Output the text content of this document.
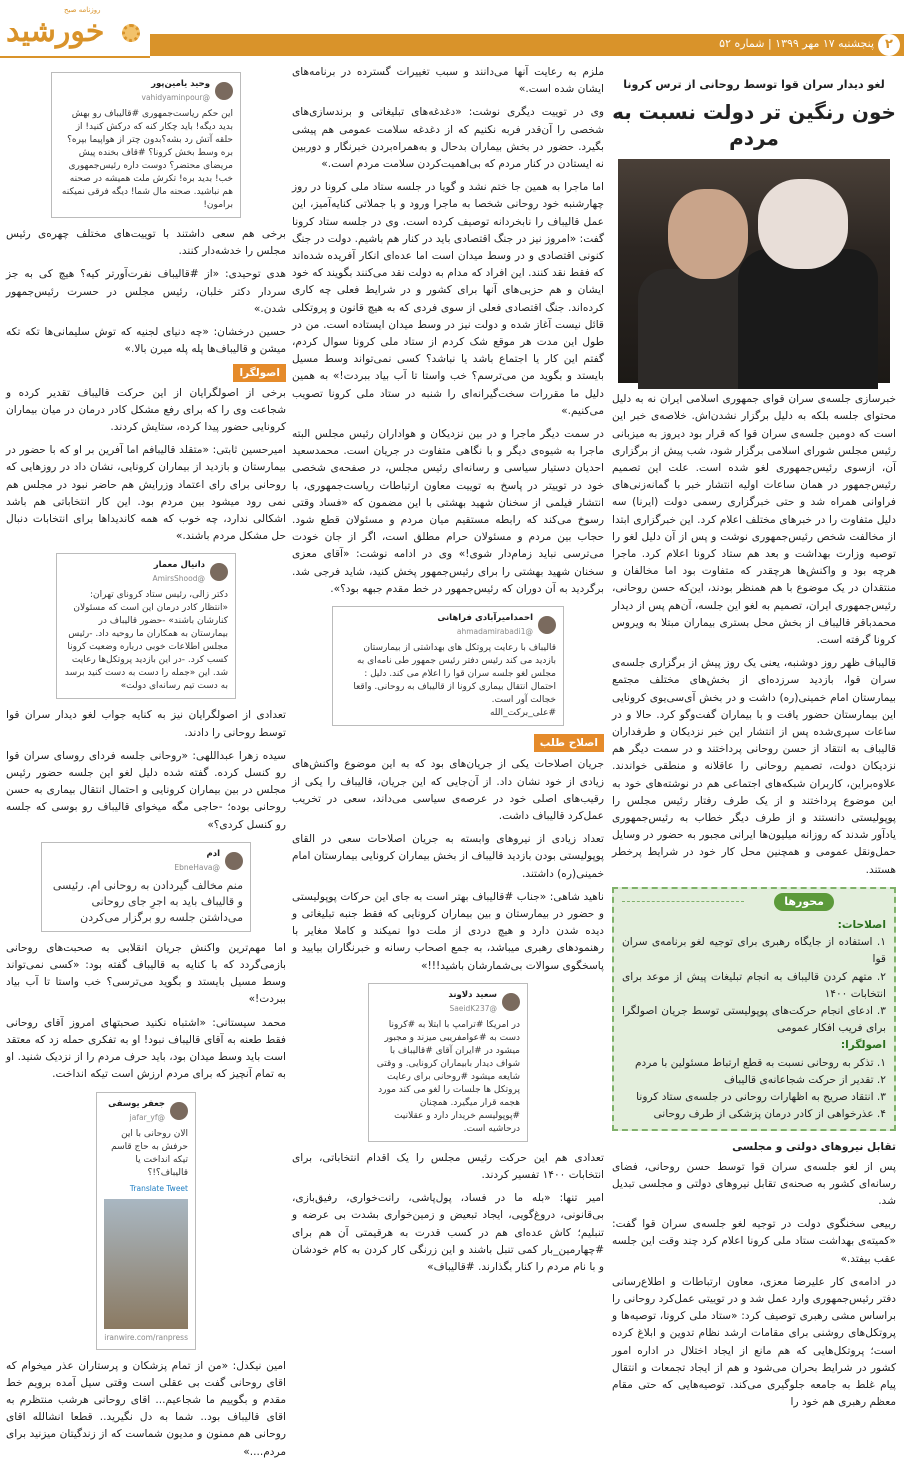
روزنامه صبح
خورشید	پنجشنبه ۱۷ مهر ۱۳۹۹ | شماره ۵۲ ۲
لغو دیدار سران قوا توسط روحانی از ترس کرونا
خون رنگین تر دولت نسبت به مردم

خبرسازی جلسه‌ی سران قوای جمهوری اسلامی ایران نه به دلیل محتوای جلسه بلکه به دلیل برگزار نشدن‌اش. خلاصه‌ی خبر این است که دومین جلسه‌ی سران قوا که قرار بود دیروز به میزبانی رئیس مجلس شورای اسلامی برگزار شود، شب پیش از برگزاری آن، ازسوی رئیس‌جمهوری لغو شده است. علت این تصمیم رئیس‌جمهور در همان ساعات اولیه انتشار خبر با گمانه‌زنی‌های فراوانی همراه شد و حتی خبرگزاری رسمی دولت (ایرنا) سه دلیل متفاوت را در خبرهای مختلف اعلام کرد. این خبرگزاری ابتدا از مخالفت شخص رئیس‌جمهوری نوشت و پس از آن دلیل لغو را توصیه وزارت بهداشت و بعد هم ستاد کرونا اعلام کرد. ماجرا هرچه بود و واکنش‌ها هرچقدر که متفاوت بود اما مخالفان و منتقدان در یک موضوع با هم همنظر بودند، این‌که حسن روحانی، رئیس‌جمهوری ایران، تصمیم به لغو این جلسه، آن‌هم پس از دیدار محمدباقر قالیباف از بخش محل بستری بیماران مبتلا به ویروس کرونا گرفته است.

قالیباف ظهر روز دوشنبه، یعنی یک روز پیش از برگزاری جلسه‌ی سران قوا، بازدید سرزده‌ای از بخش‌های مختلف مجتمع بیمارستان امام خمینی(ره) داشت و در بخش آی‌سی‌یوی کرونایی این بیمارستان حضور یافت و با بیماران گفت‌وگو کرد. حالا و در ساعات سپری‌شده پس از انتشار این خبر نزدیکان و طرفداران قالیباف به انتقاد از حسن روحانی پرداختند و در سمت دیگر هم نزدیکان دولت، تصمیم روحانی را عاقلانه و منطقی خواندند. علاوه‌براین، کاربران شبکه‌های اجتماعی هم در نوشته‌های خود به این موضوع پرداختند و از یک طرف رفتار رئیس مجلس را پوپولیستی دانستند و از طرف دیگر خطاب به رئیس‌جمهوری یادآور شدند که روزانه میلیون‌ها ایرانی مجبور به حضور در وسایل حمل‌ونقل عمومی و همچنین محل کار خود در شرایط پرخطر هستند.

محورها
اصلاحات:
۱. استفاده از جایگاه رهبری برای توجیه لغو برنامه‌ی سران قوا
۲. متهم کردن قالیباف به انجام تبلیغات پیش از موعد برای انتخابات ۱۴۰۰
۳. ادعای انجام حرکت‌های پوپولیستی توسط جریان اصولگرا برای فریب افکار عمومی
اصولگرا:
۱. تذکر به روحانی نسبت به قطع ارتباط مسئولین با مردم
۲. تقدیر از حرکت شجاعانه‌ی قالیباف
۳. انتقاد صریح به اظهارات روحانی در جلسه‌ی ستاد کرونا
۴. عذرخواهی از کادر درمان پزشکی از طرف روحانی
تقابل نیروهای دولتی و مجلسی

پس از لغو جلسه‌ی سران قوا توسط حسن روحانی، فضای رسانه‌ای کشور به صحنه‌ی تقابل نیروهای دولتی و مجلسی تبدیل شد.

ربیعی سخنگوی دولت در توجیه لغو جلسه‌ی سران قوا گفت: «کمیته‌ی بهداشت ستاد ملی کرونا اعلام کرد چند وقت این جلسه عقب بیفتد.»

در ادامه‌ی کار علیرضا معزی، معاون ارتباطات و اطلاع‌رسانی دفتر رئیس‌جمهوری وارد عمل شد و در توییتی عمل‌کرد روحانی را براساس مشی رهبری توصیف کرد: «ستاد ملی کرونا، توصیه‌ها و پروتکل‌های روشنی برای مقامات ارشد نظام تدوین و ابلاغ کرده است؛ پروتکل‌هایی که هم مانع از ایجاد اختلال در اداره امور کشور در شرایط بحران می‌شود و هم از ایجاد تجمعات و انتقال پیام غلط به جامعه جلوگیری می‌کند. توصیه‌هایی که حتی مقام معظم رهبری هم خود را

ملزم به رعایت آنها می‌دانند و سبب تغییرات گسترده در برنامه‌های ایشان شده است.»

وی در توییت دیگری نوشت: «دغدغه‌های تبلیغاتی و برندسازی‌های شخصی را آن‌قدر فربه نکنیم که از دغدغه سلامت عمومی هم پیشی بگیرد. حضور در بخش بیماران بدحال و به‌همراه‌بردن خبرنگار و دوربین نه ایستادن در کنار مردم که بی‌اهمیت‌کردن سلامت مردم است.»

اما ماجرا به همین جا ختم نشد و گویا در جلسه ستاد ملی کرونا در روز چهارشنبه خود روحانی شخصا به ماجرا ورود و با جملاتی کنایه‌آمیز، این عمل قالیباف را نابخردانه توصیف کرده است. وی در جلسه ستاد کرونا گفت: «امروز نیز در جنگ اقتصادی باید در کنار هم باشیم. دولت در جنگ کنونی اقتصادی و در وسط میدان است اما عده‌ای انکار آفریده شده‌اند که فقط نقد کنند. این افراد که مدام به دولت نقد می‌کنند بگویند که خود ایشان و هم حزبی‌های آنها برای کشور و در شرایط فعلی چه کاری کرده‌اند. جنگ اقتصادی فعلی از سوی فردی که به هیچ قانون و پروتکلی قائل نیست آغاز شده و دولت نیز در وسط میدان ایستاده است. من در طول این مدت هر موقع شک کردم از ستاد ملی کرونا سوال کردم، گفتم این کار یا اجتماع باشد یا نباشد؟ کسی نمی‌تواند وسط مسیل بایستد و بگوید من می‌ترسم؟ خب واستا تا آب بیاد ببردت!» به همین دلیل ما مقررات سخت‌گیرانه‌ای را شنبه در ستاد ملی کرونا تصویب می‌کنیم.»

در سمت دیگر ماجرا و در بین نزدیکان و هواداران رئیس مجلس البته ماجرا به شیوه‌ی دیگر و با نگاهی متفاوت در جریان است. محمدسعید احدیان دستیار سیاسی و رسانه‌ای رئیس مجلس، در صفحه‌ی شخصی خود در توییتر در پاسخ به توییت معاون ارتباطات ریاست‌جمهوری، با انتشار فیلمی از سخنان شهید بهشتی با این مضمون که «فساد وقتی رسوخ می‌کند که رابطه مستقیم میان مردم و مسئولان قطع شود. حجاب بین مردم و مسئولان حرام مطلق است، اگر از جان خودت می‌ترسی نباید زمام‌دار شوی!» وی در ادامه نوشت: «آقای معزی سخنان شهید بهشتی را برای رئیس‌جمهور پخش کنید، شاید فرجی شد. برگردید به آن دوران که رئیس‌جمهور در خط مقدم جبهه بود؟».

احمدامیرآبادی فراهانی
@ahmadamirabadi1
قالیباف با رعایت پروتکل های بهداشتی از بیمارستان بازدید می کند رئیس دفتر رئیس جمهور طی نامه‌ای به مجلس لغو جلسه سران قوا را اعلام می کند. دلیل : احتمال انتقال بیماری کرونا از قالیباف به روحانی. واقعا خجالت آور است.
#علی_برکت_الله
اصلاح طلب

جریان اصلاحات یکی از جریان‌های بود که به این موضوع واکنش‌های زیادی از خود نشان داد. از آن‌جایی که این جریان، قالیباف را یکی از رقیب‌های اصلی خود در عرصه‌ی سیاسی می‌داند، سعی در تخریب عمل‌کرد قالیباف داشت.

تعداد زیادی از نیروهای وابسته به جریان اصلاحات سعی در القای پوپولیستی بودن بازدید قالیباف از بخش بیماران کرونایی بیمارستان امام خمینی(ره) داشتند.

ناهید شاهی: «جناب #قالیباف بهتر است به جای این حرکات پوپولیستی و حضور در بیمارستان و بین بیماران کرونایی که فقط جنبه تبلیغاتی و دیده شدن دارد و هیچ دردی از ملت دوا نمیکند و کاملا مغایر با رهنمودهای رهبری میباشد، به جمع اصحاب رسانه و خبرنگاران بیایید و پاسخگوی سوالات بی‌شمارشان باشید!!!»

سعید دلاوند
@SaeidK237
در امریکا #ترامپ با ابتلا به #کرونا دست به #عوامفریبی میزند و مجبور میشود در #ایران آقای #قالیباف با شواف دیدار بابیماران کرونایی. و وقتی شایعه میشود #روحانی برای رعایت پروتکل ها جلسات را لغو می کند مورد هجمه قرار میگیرد. همچنان #پوپولیسم خریدار دارد و عقلانیت درحاشیه است.

تعدادی هم این حرکت رئیس مجلس را یک اقدام انتخاباتی، برای انتخابات ۱۴۰۰ تفسیر کردند.

امیر تنها: «بله ما در فساد، پول‌پاشی، رانت‌خواری، رفیق‌بازی، بی‌قانونی، دروغ‌گویی، ایجاد تبعیض و زمین‌خواری بشدت بی عرضه و تنبلیم؛ کاش عده‌ای هم در کسب قدرت به هرقیمتی آن هم برای #چهارمین_بار کمی تنبل باشند و این زرنگی کار کردن به کام خودشان و با نام مردم را کنار بگذارند. #قالیباف»

وحید یامین‌پور
@vahidyaminpour
این حکم ریاست‌جمهوری #قالیباف رو بهش بدید دیگه! باید چکار کنه که درکش کنید! از حلقه آتش رد بشه؟بدون چتر از هواپیما بپره؟ بره وسط بخش کرونا؟ #قاف بخنده پیش مریضای محتضر؟ دوست داره رئیس‌جمهوری خب! بدید بره! تکرش ملت همیشه در صحنه هم نباشید. صحنه مال شما! دیگه فرقی نمیکنه برامون!

برخی هم سعی داشتند با توییت‌های مختلف چهره‌ی رئیس مجلس را خدشه‌دار کنند.

هدی توحیدی: «از #قالیباف نفرت‌آورتر کیه؟ هیچ کی به جز سردار دکتر خلبان، رئیس مجلس در حسرت رئیس‌جمهور شدن.»

حسین درخشان: «چه دنیای لجنیه که توش سلیمانی‌ها تکه تکه میشن و قالیباف‌ها پله پله میرن بالا.»

اصولگرا

برخی از اصولگرایان از این حرکت قالیباف تقدیر کرده و شجاعت وی را که برای رفع مشکل کادر درمان در میان بیماران کرونایی حضور پیدا کرده، ستایش کردند.

امیرحسین ثابتی: «متقلد قالیبافم اما آفرین بر او که با حضور در بیمارستان و بازدید از بیماران کرونایی، نشان داد در روزهایی که روحانی برای رای اعتماد وزرایش هم حاضر نبود در مجلس هم نمی رود میشود بین مردم بود. این کار انتخاباتی هم باشد اشکالی ندارد، چه خوب که همه کاندیداها برای انتخابات دنبال حل مشکل مردم باشند.»

دانیال معمار
@AmirsShood
دکتر زالی، رئیس ستاد کرونای تهران: «انتظار کادر درمان این است که مسئولان کنارشان باشند» -حضور قالیباف در بیمارستان به همکاران ما روحیه داد. -رئیس مجلس اطلاعات خوبی درباره وضعیت کرونا کسب کرد. -در این بازدید پروتکل‌ها رعایت شد. این «جمله را دست به دست کنید برسد به دست تیم رسانه‌ای دولت»

تعدادی از اصولگرایان نیز به کنایه جواب لغو دیدار سران قوا توسط روحانی را دادند.

سیده زهرا عبداللهی: «روحانی جلسه فردای روسای سران قوا رو کنسل کرده. گفته شده دلیل لغو این جلسه حضور رئیس مجلس در بین بیماران کرونایی و احتمال انتقال بیماری به حسن روحانی بوده؛ -حاجی مگه میخوای قالیباف رو بوسی که جلسه رو کنسل کردی؟»

ادم
@EbneHava
منم مخالف گیردادن به روحانی ام. رئیسی و قالیباف باید به اجرِ جای روحانی می‌داشتن جلسه رو برگزار می‌کردن

اما مهم‌ترین واکنش جریان انقلابی به صحبت‌های روحانی بازمی‌گردد که با کنایه به قالیباف گفته بود: «کسی نمی‌تواند وسط مسیل بایستد و بگوید می‌ترسی؟ خب واستا تا آب بیاد ببردت!»

محمد سیستانی: «اشتباه نکنید صحبتهای امروز آقای روحانی فقط طعنه به آقای قالیباف نبود! او به تفکری حمله زد که معتقد است باید وسط میدان بود، باید حرف مردم را از نزدیک شنید. او به تمام آنچیز که برای مردم ارزش است تیکه انداخت.

جعفر یوسفی
@jafar_yf
الان روحانی با این حرفش به حاج قاسم تیکه انداخت یا قالیباف؟!؟
Translate Tweet
iranwire.com/ranpress

امین نیکدل: «من از تمام پزشکان و پرستاران عذر میخوام که اقای روحانی گفت بی عقلی است وقتی سیل آمده برویم خط مقدم و بگوییم ما شجاعیم... اقای روحانی هرشب منتظرم به اقای قالیباف بود.. شما به دل نگیرید.. قطعا انشالله اقای روحانی هم ممنون و مدیون شماست که از زندگیتان میزنید برای مردم....»
